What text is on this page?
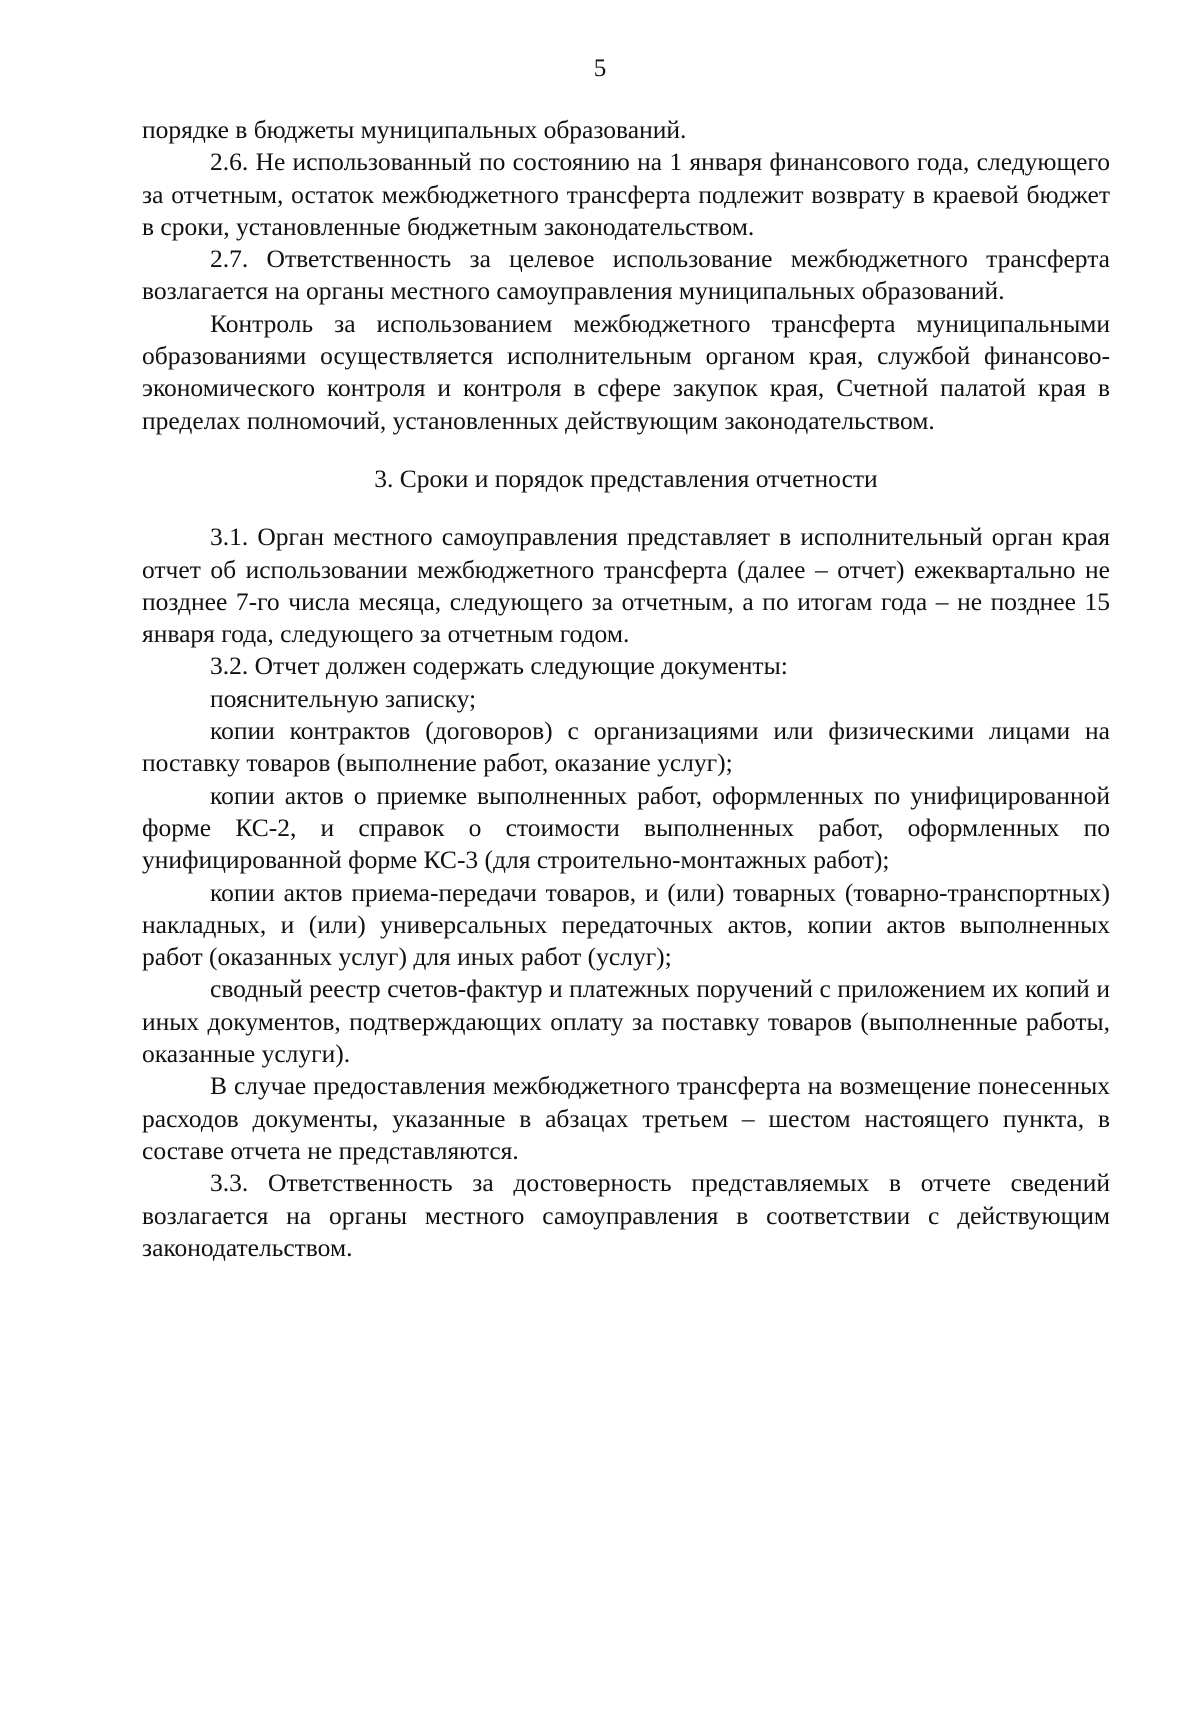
5

порядке в бюджеты муниципальных образований.

2.6. Не использованный по состоянию на 1 января финансового года, следующего за отчетным, остаток межбюджетного трансферта подлежит возврату в краевой бюджет в сроки, установленные бюджетным законодательством.

2.7. Ответственность за целевое использование межбюджетного трансферта возлагается на органы местного самоуправления муниципальных образований.

Контроль за использованием межбюджетного трансферта муниципальными образованиями осуществляется исполнительным органом края, службой финансово-экономического контроля и контроля в сфере закупок края, Счетной палатой края в пределах полномочий, установленных действующим законодательством.

3. Сроки и порядок представления отчетности

3.1. Орган местного самоуправления представляет в исполнительный орган края отчет об использовании межбюджетного трансферта (далее – отчет) ежеквартально не позднее 7-го числа месяца, следующего за отчетным, а по итогам года – не позднее 15 января года, следующего за отчетным годом.

3.2. Отчет должен содержать следующие документы:

пояснительную записку;

копии контрактов (договоров) с организациями или физическими лицами на поставку товаров (выполнение работ, оказание услуг);

копии актов о приемке выполненных работ, оформленных по унифицированной форме КС-2, и справок о стоимости выполненных работ, оформленных по унифицированной форме КС-3 (для строительно-монтажных работ);

копии актов приема-передачи товаров, и (или) товарных (товарно-транспортных) накладных, и (или) универсальных передаточных актов, копии актов выполненных работ (оказанных услуг) для иных работ (услуг);

сводный реестр счетов-фактур и платежных поручений с приложением их копий и иных документов, подтверждающих оплату за поставку товаров (выполненные работы, оказанные услуги).

В случае предоставления межбюджетного трансферта на возмещение понесенных расходов документы, указанные в абзацах третьем – шестом настоящего пункта, в составе отчета не представляются.

3.3. Ответственность за достоверность представляемых в отчете сведений возлагается на органы местного самоуправления в соответствии с действующим законодательством.
